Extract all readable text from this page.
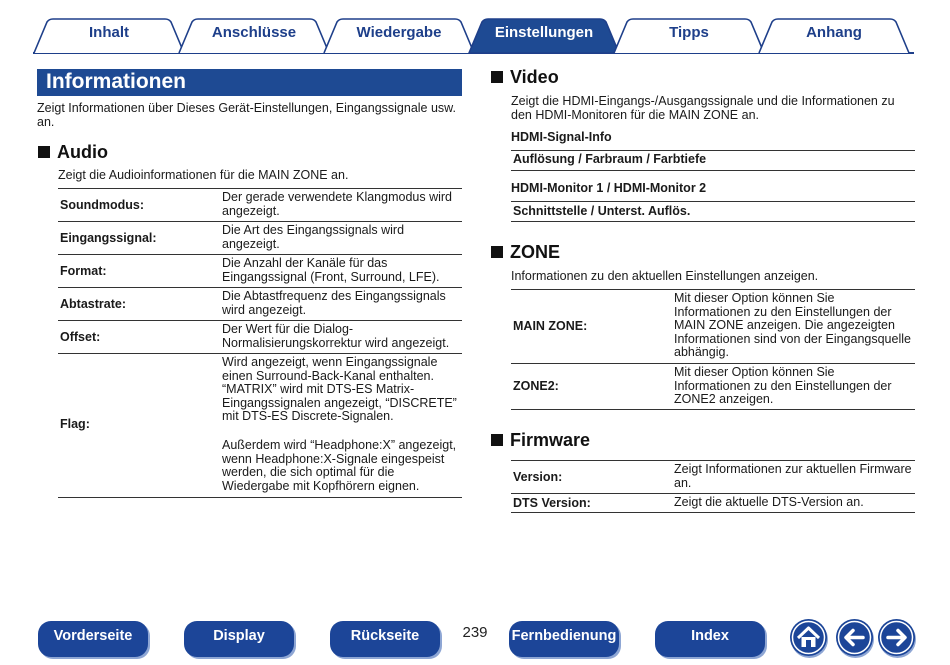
Inhalt	Anschlüsse	Wiedergabe	Einstellungen	Tipps	Anhang
Informationen
Zeigt Informationen über Dieses Gerät-Einstellungen, Eingangssignale usw. an.
Audio
Zeigt die Audioinformationen für die MAIN ZONE an.
Soundmodus:
Der gerade verwendete Klangmodus wird angezeigt.
Eingangssignal:
Die Art des Eingangssignals wird angezeigt.
Format:
Die Anzahl der Kanäle für das Eingangssignal (Front, Surround, LFE).
Abtastrate:
Die Abtastfrequenz des Eingangssignals wird angezeigt.
Offset:
Der Wert für die Dialog-Normalisierungskorrektur wird angezeigt.
Flag:
Wird angezeigt, wenn Eingangssignale einen Surround-Back-Kanal enthalten. “MATRIX” wird mit DTS-ES Matrix-Eingangssignalen angezeigt, “DISCRETE” mit DTS-ES Discrete-Signalen.
Außerdem wird “Headphone:X” angezeigt, wenn Headphone:X-Signale eingespeist werden, die sich optimal für die Wiedergabe mit Kopfhörern eignen.
Video
Zeigt die HDMI-Eingangs-/Ausgangssignale und die Informationen zu den HDMI-Monitoren für die MAIN ZONE an.
HDMI-Signal-Info
Auflösung / Farbraum / Farbtiefe
HDMI-Monitor 1 / HDMI-Monitor 2
Schnittstelle / Unterst. Auflös.
ZONE
Informationen zu den aktuellen Einstellungen anzeigen.
MAIN ZONE:
Mit dieser Option können Sie Informationen zu den Einstellungen der MAIN ZONE anzeigen. Die angezeigten Informationen sind von der Eingangsquelle abhängig.
ZONE2:
Mit dieser Option können Sie Informationen zu den Einstellungen der ZONE2 anzeigen.
Firmware
Version:
Zeigt Informationen zur aktuellen Firmware an.
DTS Version:	Zeigt die aktuelle DTS-Version an.
Vorderseite	Display	Rückseite	239	Fernbedienung	Index
